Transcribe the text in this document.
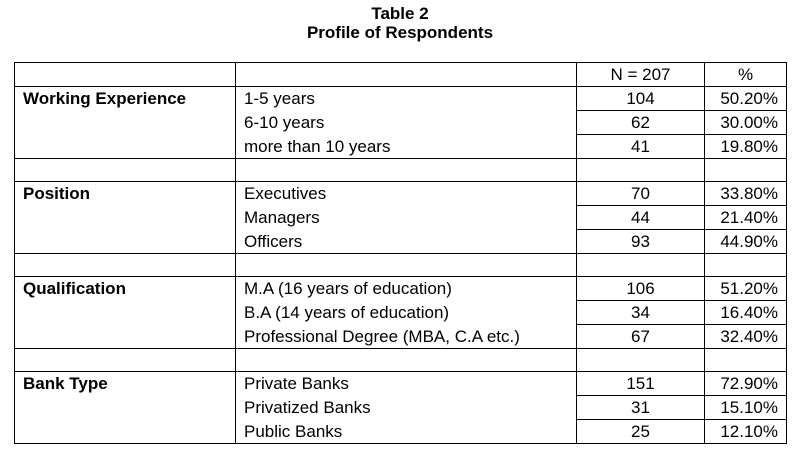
Table 2
Profile of Respondents
		N = 207	%
Working Experience	1-5 years	104	50.20%
	6-10 years	62	30.00%
	more than 10 years	41	19.80%

Position	Executives	70	33.80%
	Managers	44	21.40%
	Officers	93	44.90%

Qualification	M.A (16 years of education)	106	51.20%
	B.A (14 years of education)	34	16.40%
	Professional Degree (MBA, C.A etc.)	67	32.40%

Bank Type	Private Banks	151	72.90%
	Privatized Banks	31	15.10%
	Public Banks	25	12.10%
